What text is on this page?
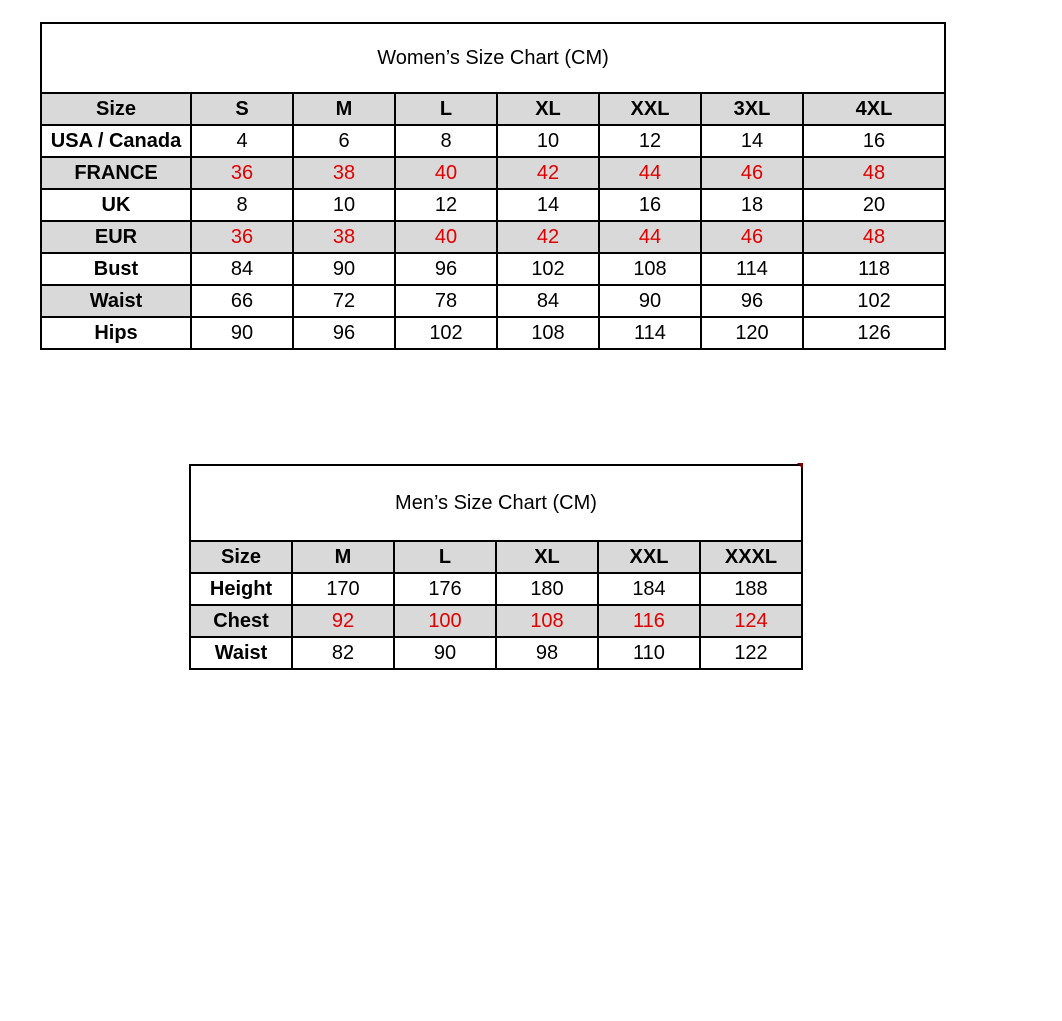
Women’s Size Chart (CM)							
Size	S	M	L	XL	XXL	3XL	4XL
USA / Canada	4	6	8	10	12	14	16
FRANCE	36	38	40	42	44	46	48
UK	8	10	12	14	16	18	20
EUR	36	38	40	42	44	46	48
Bust	84	90	96	102	108	114	118
Waist	66	72	78	84	90	96	102
Hips	90	96	102	108	114	120	126
Men’s Size Chart (CM)					
Size	M	L	XL	XXL	XXXL
Height	170	176	180	184	188
Chest	92	100	108	116	124
Waist	82	90	98	110	122
